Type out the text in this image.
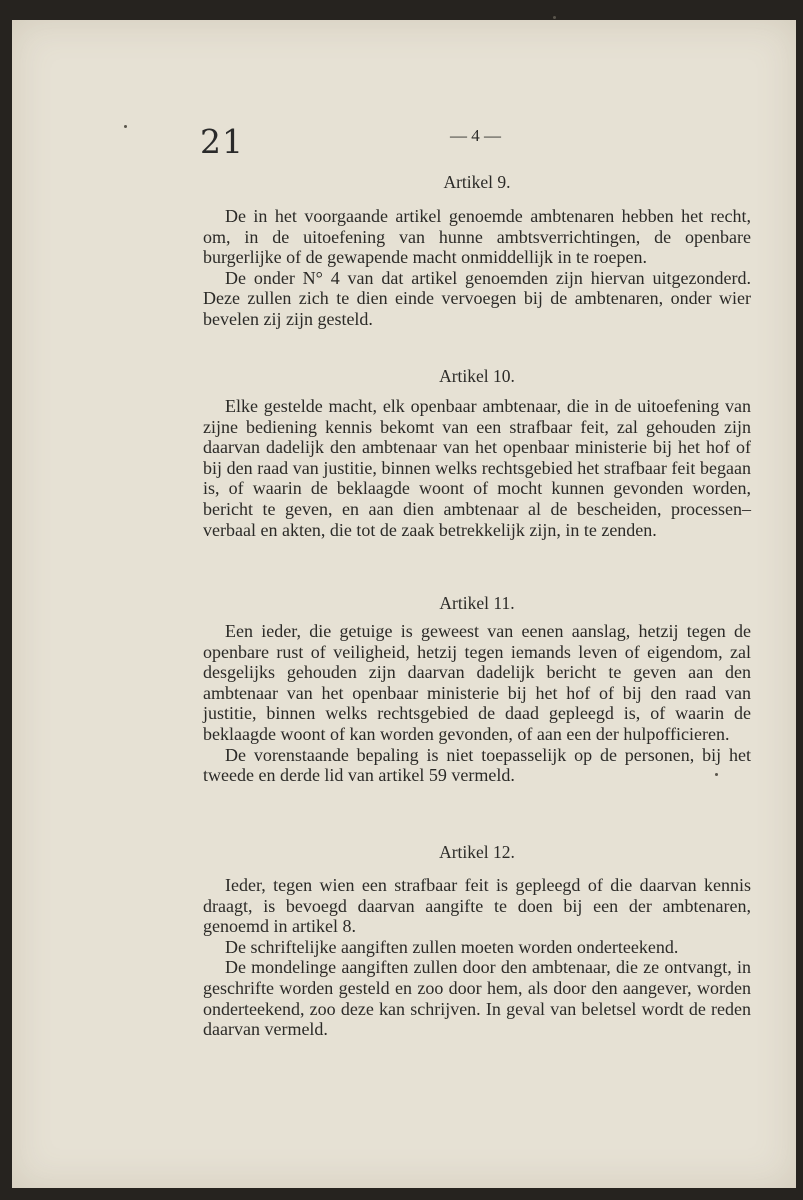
21	— 4 —
Artikel 9.

De in het voorgaande artikel genoemde ambtenaren hebben het recht, om, in de uitoefening van hunne ambtsverrichtingen, de openbare burgerlijke of de gewapende macht onmiddellijk in te roepen.

De onder N° 4 van dat artikel genoemden zijn hiervan uitgezonderd. Deze zullen zich te dien einde vervoegen bij de ambtenaren, onder wier bevelen zij zijn gesteld.

Artikel 10.

Elke gestelde macht, elk openbaar ambtenaar, die in de uitoefening van zijne bediening kennis bekomt van een strafbaar feit, zal gehouden zijn daarvan dadelijk den ambtenaar van het openbaar ministerie bij het hof of bij den raad van justitie, binnen welks rechtsgebied het strafbaar feit begaan is, of waarin de beklaagde woont of mocht kunnen gevonden worden, bericht te geven, en aan dien ambtenaar al de bescheiden, processen–verbaal en akten, die tot de zaak betrekkelijk zijn, in te zenden.

Artikel 11.

Een ieder, die getuige is geweest van eenen aanslag, hetzij tegen de openbare rust of veiligheid, hetzij tegen iemands leven of eigendom, zal desgelijks gehouden zijn daarvan dadelijk bericht te geven aan den ambtenaar van het openbaar ministerie bij het hof of bij den raad van justitie, binnen welks rechtsgebied de daad gepleegd is, of waarin de beklaagde woont of kan worden gevonden, of aan een der hulpofficieren.

De vorenstaande bepaling is niet toepasselijk op de personen, bij het tweede en derde lid van artikel 59 vermeld.

Artikel 12.

Ieder, tegen wien een strafbaar feit is gepleegd of die daarvan kennis draagt, is bevoegd daarvan aangifte te doen bij een der ambtenaren, genoemd in artikel 8.

De schriftelijke aangiften zullen moeten worden onderteekend.

De mondelinge aangiften zullen door den ambtenaar, die ze ontvangt, in geschrifte worden gesteld en zoo door hem, als door den aangever, worden onderteekend, zoo deze kan schrijven. In geval van beletsel wordt de reden daarvan vermeld.
